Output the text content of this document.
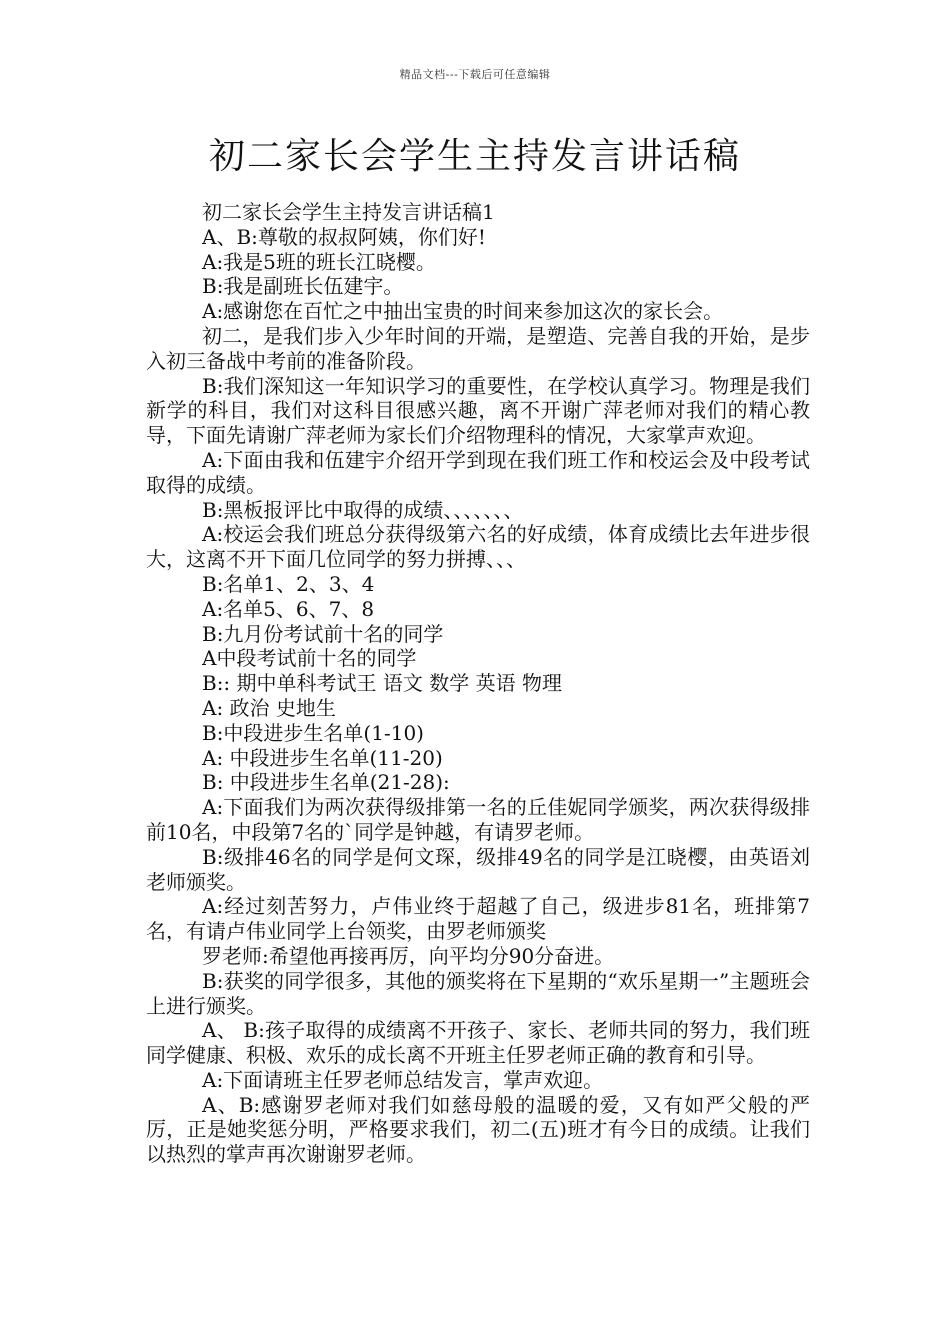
精品文档---下载后可任意编辑
初二家长会学生主持发言讲话稿

初二家长会学生主持发言讲话稿1

A、B:尊敬的叔叔阿姨，你们好!

A:我是5班的班长江晓樱。

B:我是副班长伍建宇。

A:感谢您在百忙之中抽出宝贵的时间来参加这次的家长会。

初二，是我们步入少年时间的开端，是塑造、完善自我的开始，是步入初三备战中考前的准备阶段。

B:我们深知这一年知识学习的重要性，在学校认真学习。物理是我们新学的科目，我们对这科目很感兴趣，离不开谢广萍老师对我们的精心教导，下面先请谢广萍老师为家长们介绍物理科的情况，大家掌声欢迎。

A:下面由我和伍建宇介绍开学到现在我们班工作和校运会及中段考试取得的成绩。

B:黑板报评比中取得的成绩、、、、、、、

A:校运会我们班总分获得级第六名的好成绩，体育成绩比去年进步很大，这离不开下面几位同学的努力拼搏、、、

B:名单1、2、3、4

A:名单5、6、7、8

B:九月份考试前十名的同学

A中段考试前十名的同学

B:: 期中单科考试王 语文 数学 英语 物理

A: 政治 史地生

B:中段进步生名单(1-10)

A: 中段进步生名单(11-20)

B: 中段进步生名单(21-28):

A:下面我们为两次获得级排第一名的丘佳妮同学颁奖，两次获得级排前10名，中段第7名的`同学是钟越，有请罗老师。

B:级排46名的同学是何文琛，级排49名的同学是江晓樱，由英语刘老师颁奖。

A:经过刻苦努力，卢伟业终于超越了自己，级进步81名，班排第7名，有请卢伟业同学上台领奖，由罗老师颁奖

罗老师:希望他再接再厉，向平均分90分奋进。

B:获奖的同学很多，其他的颁奖将在下星期的“欢乐星期一”主题班会上进行颁奖。

A、 B:孩子取得的成绩离不开孩子、家长、老师共同的努力，我们班同学健康、积极、欢乐的成长离不开班主任罗老师正确的教育和引导。

A:下面请班主任罗老师总结发言，掌声欢迎。

A、B:感谢罗老师对我们如慈母般的温暖的爱，又有如严父般的严厉，正是她奖惩分明，严格要求我们，初二(五)班才有今日的成绩。让我们以热烈的掌声再次谢谢罗老师。
